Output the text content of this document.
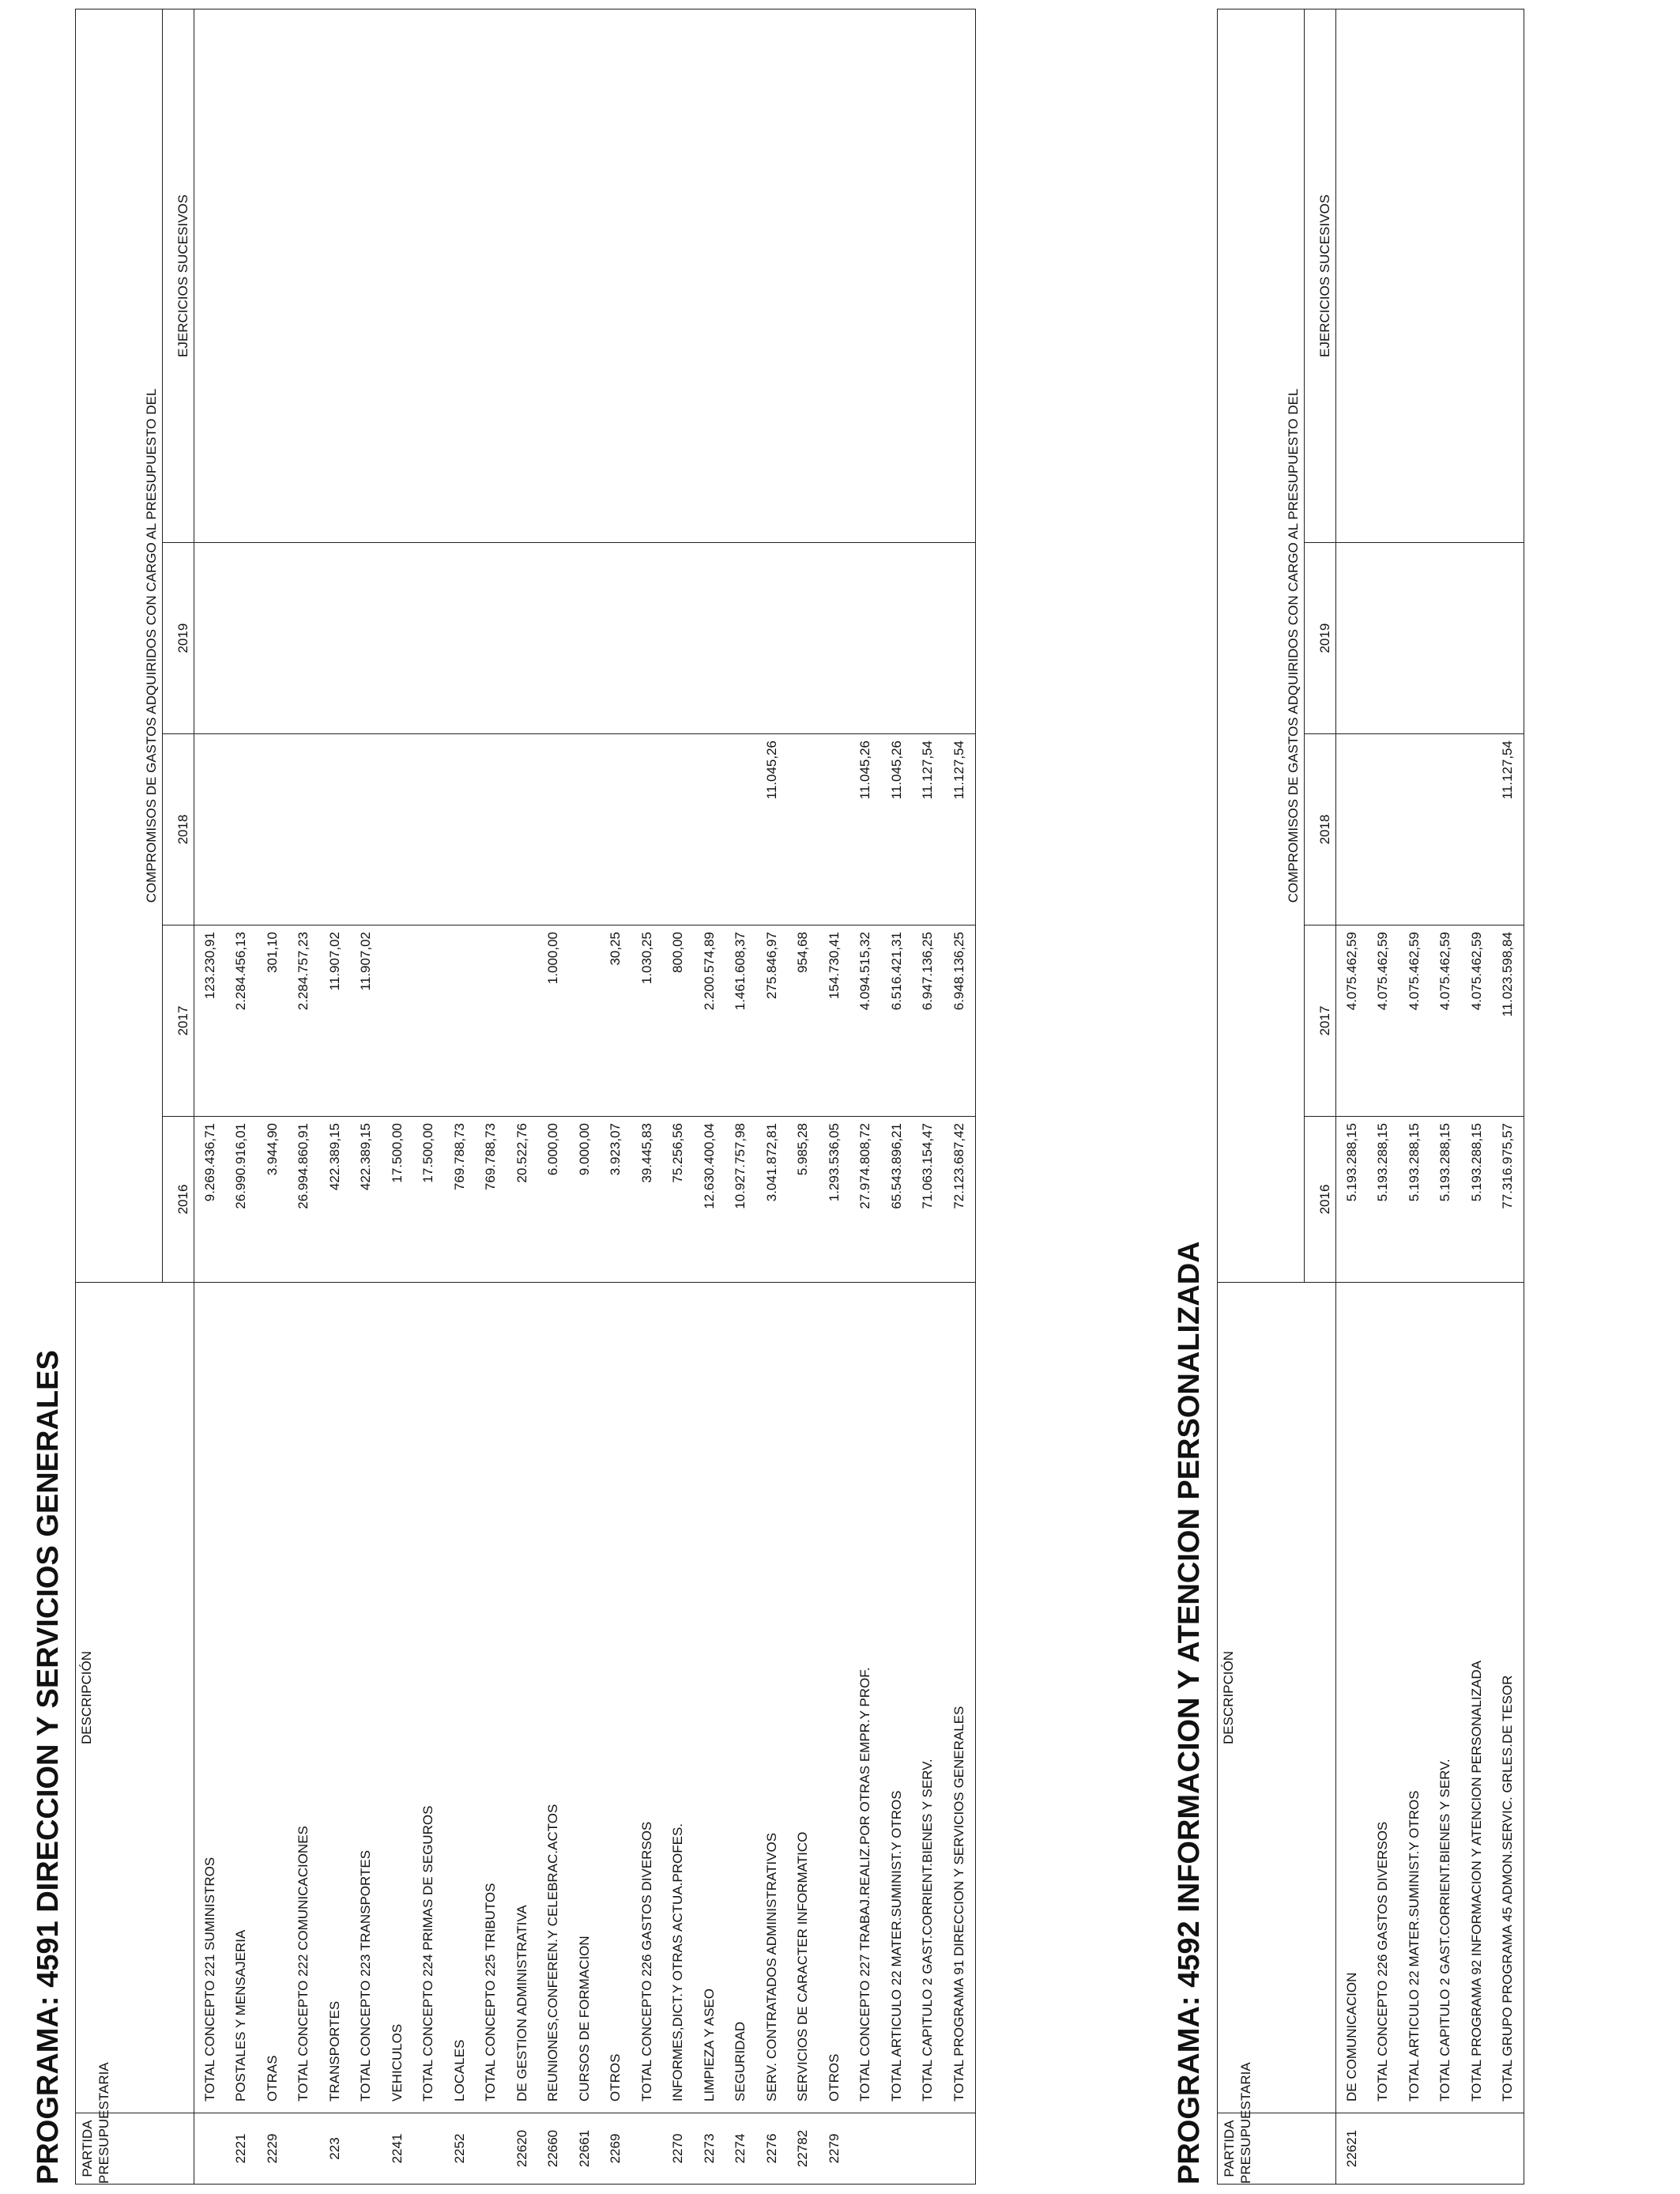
PROGRAMA: 4591 DIRECCION Y SERVICIOS GENERALES PARTIDA PRESUPUESTARIA	DESCRIPCIÓN	COMPROMISOS DE GASTOS ADQUIRIDOS CON CARGO AL PRESUPUESTO DEL				
		2016	2017	2018	2019	EJERCICIOS SUCESIVOS
	TOTAL CONCEPTO 221 SUMINISTROS	9.269.436,71	123.230,91			
2221	POSTALES Y MENSAJERIA	26.990.916,01	2.284.456,13			
2229	OTRAS	3.944,90	301,10			
	TOTAL CONCEPTO 222 COMUNICACIONES	26.994.860,91	2.284.757,23			
223	TRANSPORTES	422.389,15	11.907,02			
	TOTAL CONCEPTO 223 TRANSPORTES	422.389,15	11.907,02			
2241	VEHICULOS	17.500,00				
	TOTAL CONCEPTO 224 PRIMAS DE SEGUROS	17.500,00				
2252	LOCALES	769.788,73				
	TOTAL CONCEPTO 225 TRIBUTOS	769.788,73				
22620	DE GESTION ADMINISTRATIVA	20.522,76				
22660	REUNIONES,CONFEREN.Y CELEBRAC.ACTOS	6.000,00	1.000,00			
22661	CURSOS DE FORMACION	9.000,00				
2269	OTROS	3.923,07	30,25			
	TOTAL CONCEPTO 226 GASTOS DIVERSOS	39.445,83	1.030,25			
2270	INFORMES,DICT.Y OTRAS ACTUA.PROFES.	75.256,56	800,00			
2273	LIMPIEZA Y ASEO	12.630.400,04	2.200.574,89			
2274	SEGURIDAD	10.927.757,98	1.461.608,37			
2276	SERV. CONTRATADOS ADMINISTRATIVOS	3.041.872,81	275.846,97	11.045,26		
22782	SERVICIOS DE CARACTER INFORMATICO	5.985,28	954,68			
2279	OTROS	1.293.536,05	154.730,41			
	TOTAL CONCEPTO 227 TRABAJ.REALIZ.POR OTRAS EMPR.Y PROF.	27.974.808,72	4.094.515,32	11.045,26		
	TOTAL ARTICULO 22 MATER.SUMINIST.Y OTROS	65.543.896,21	6.516.421,31	11.045,26		
	TOTAL CAPITULO 2 GAST.CORRIENT.BIENES Y SERV.	71.063.154,47	6.947.136,25	11.127,54		
	TOTAL PROGRAMA 91 DIRECCION Y SERVICIOS GENERALES	72.123.687,42	6.948.136,25	11.127,54		
PROGRAMA: 4592 INFORMACION Y ATENCION PERSONALIZADA PARTIDA PRESUPUESTARIA	DESCRIPCIÓN	COMPROMISOS DE GASTOS ADQUIRIDOS CON CARGO AL PRESUPUESTO DEL				
		2016	2017	2018	2019	EJERCICIOS SUCESIVOS
22621	DE COMUNICACION	5.193.288,15	4.075.462,59			
	TOTAL CONCEPTO 226 GASTOS DIVERSOS	5.193.288,15	4.075.462,59			
	TOTAL ARTICULO 22 MATER.SUMINIST.Y OTROS	5.193.288,15	4.075.462,59			
	TOTAL CAPITULO 2 GAST.CORRIENT.BIENES Y SERV.	5.193.288,15	4.075.462,59			
	TOTAL PROGRAMA 92 INFORMACION Y ATENCION PERSONALIZADA	5.193.288,15	4.075.462,59			
	TOTAL GRUPO PROGRAMA 45 ADMON.SERVIC. GRLES.DE TESOR	77.316.975,57	11.023.598,84	11.127,54		
